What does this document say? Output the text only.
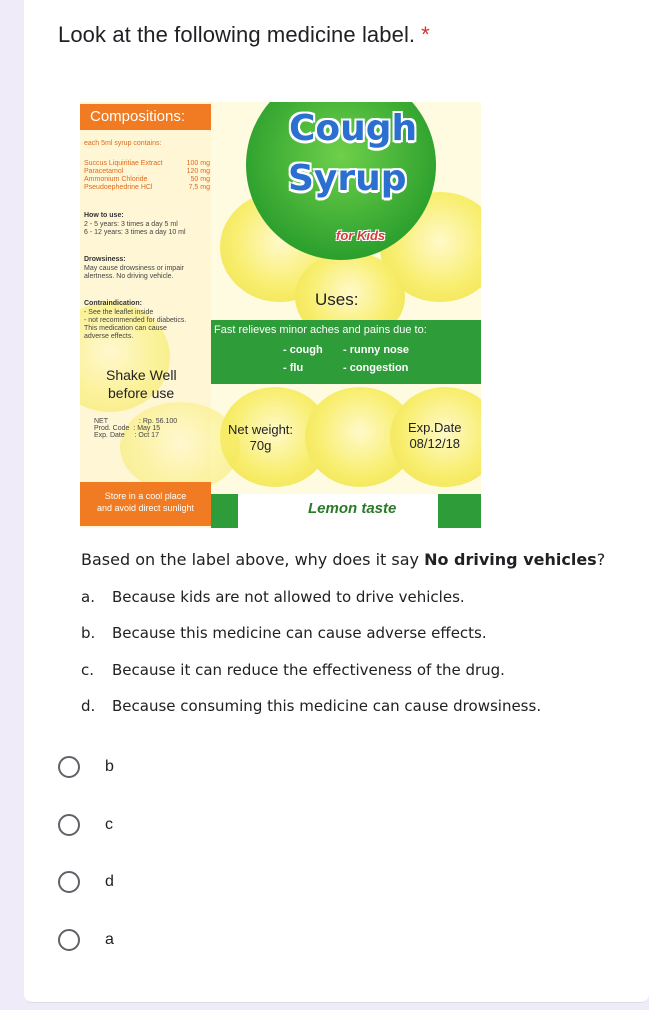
Look at the following medicine label. *
Cough
Syrup
for Kids
Compositions:
each 5ml syrup contains:
Succus Liquiritiae Extract	100 mg
Paracetamol	120 mg
Ammonium Chloride	50 mg
Pseudoephedrine HCl	7,5 mg
How to use:
2 - 5 years: 3 times a day 5 ml
6 - 12 years: 3 times a day 10 ml
Drowsiness:
May cause drowsiness or impair
alertness. No driving vehicle.
Contraindication:
- See the leaflet inside
- not recommended for diabetics.
This medication can cause
adverse effects.
Shake Well
before use
NET                : Rp. 56.100
Prod. Code  : May 15
Exp. Date     : Oct 17
Store in a cool place
and avoid direct sunlight
Uses:
Fast relieves minor aches and pains due to:
- cough - runny nose
- flu	- congestion
Net weight:
70g
Exp.Date
08/12/18
Lemon taste
Based on the label above, why does it say No driving vehicles?
a. Because kids are not allowed to drive vehicles.
b. Because this medicine can cause adverse effects.
c. Because it can reduce the effectiveness of the drug.
d. Because consuming this medicine can cause drowsiness.
b
c
d
a
